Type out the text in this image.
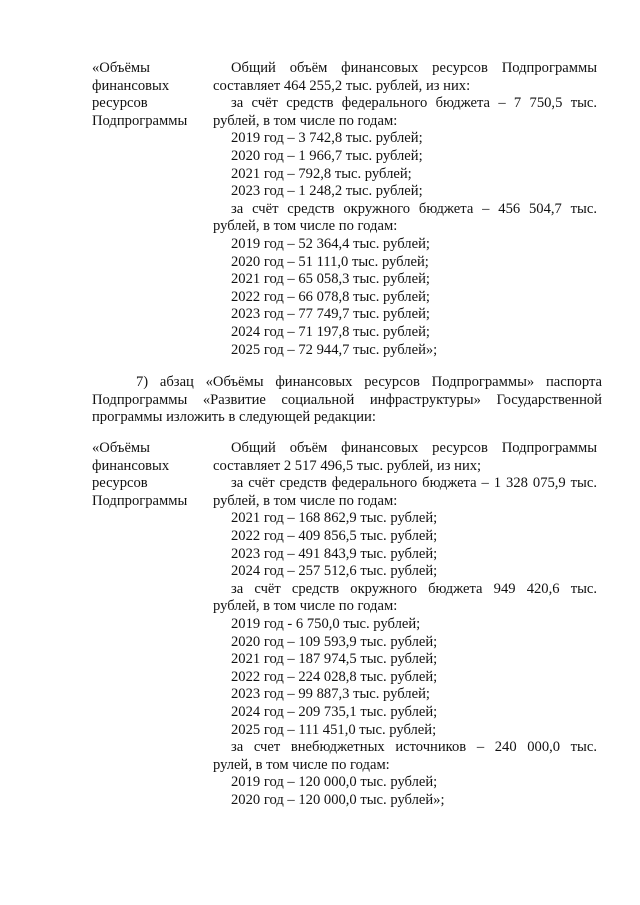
«Объёмы
финансовых
ресурсов
Подпрограммы
Общий объём финансовых ресурсов Подпрограммы
составляет 464 255,2 тыс. рублей, из них:
за счёт средств федерального бюджета – 7 750,5 тыс.
рублей, в том числе по годам:
2019 год – 3 742,8 тыс. рублей;
2020 год – 1 966,7 тыс. рублей;
2021 год – 792,8 тыс. рублей;
2023 год – 1 248,2 тыс. рублей;
за счёт средств окружного бюджета – 456 504,7 тыс.
рублей, в том числе по годам:
2019 год – 52 364,4 тыс. рублей;
2020 год – 51 111,0 тыс. рублей;
2021 год – 65 058,3 тыс. рублей;
2022 год – 66 078,8 тыс. рублей;
2023 год – 77 749,7 тыс. рублей;
2024 год – 71 197,8 тыс. рублей;
2025 год – 72 944,7 тыс. рублей»;
7) абзац «Объёмы финансовых ресурсов Подпрограммы» паспорта
Подпрограммы «Развитие социальной инфраструктуры» Государственной
программы изложить в следующей редакции:
«Объёмы
финансовых
ресурсов
Подпрограммы
Общий объём финансовых ресурсов Подпрограммы
составляет 2 517 496,5 тыс. рублей, из них;
за счёт средств федерального бюджета – 1 328 075,9 тыс.
рублей, в том числе по годам:
2021 год – 168 862,9 тыс. рублей;
2022 год – 409 856,5 тыс. рублей;
2023 год – 491 843,9 тыс. рублей;
2024 год – 257 512,6 тыс. рублей;
за счёт средств окружного бюджета 949 420,6 тыс.
рублей, в том числе по годам:
2019 год - 6 750,0 тыс. рублей;
2020 год – 109 593,9 тыс. рублей;
2021 год – 187 974,5 тыс. рублей;
2022 год – 224 028,8 тыс. рублей;
2023 год – 99 887,3 тыс. рублей;
2024 год – 209 735,1 тыс. рублей;
2025 год – 111 451,0 тыс. рублей;
за счет внебюджетных источников – 240 000,0 тыс.
рулей, в том числе по годам:
2019 год – 120 000,0 тыс. рублей;
2020 год – 120 000,0 тыс. рублей»;
